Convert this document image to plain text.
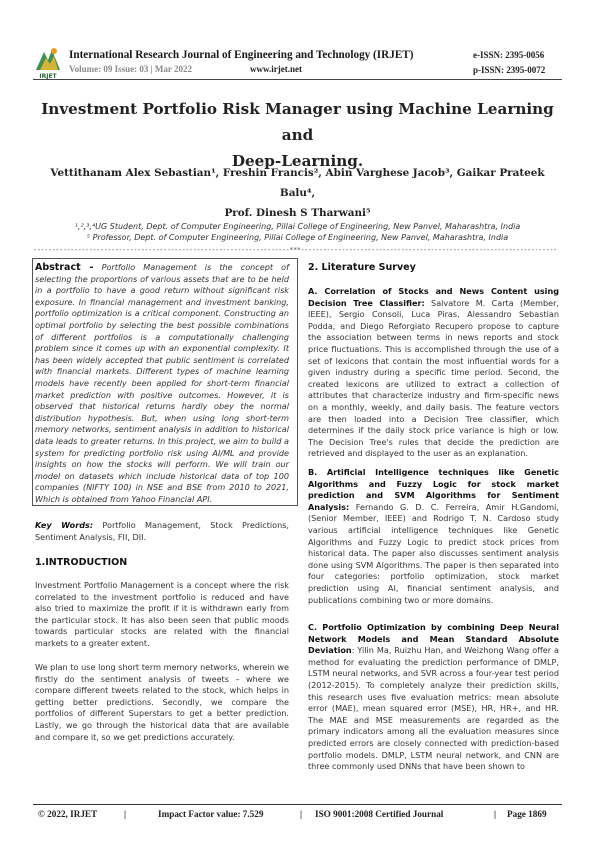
IRJET
International Research Journal of Engineering and Technology (IRJET)
Volume: 09 Issue: 03 | Mar 2022	www.irjet.net
e-ISSN: 2395-0056
p-ISSN: 2395-0072
Investment Portfolio Risk Manager using Machine Learning and
Deep-Learning.
Vettithanam Alex Sebastian¹, Freshin Francis², Abin Varghese Jacob³, Gaikar Prateek Balu⁴,
Prof. Dinesh S Tharwani⁵
¹,²,³,⁴UG Student, Dept. of Computer Engineering, Pillai College of Engineering, New Panvel, Maharashtra, India
⁵ Professor, Dept. of Computer Engineering, Pillai College of Engineering, New Panvel, Maharashtra, India
---------------------------------------------------------------------***---------------------------------------------------------------------

Abstract - Portfolio Management is the concept of selecting the proportions of various assets that are to be held in a portfolio to have a good return without significant risk exposure. In financial management and investment banking, portfolio optimization is a critical component. Constructing an optimal portfolio by selecting the best possible combinations of different portfolios is a computationally challenging problem since it comes up with an exponential complexity. It has been widely accepted that public sentiment is correlated with financial markets. Different types of machine learning models have recently been applied for short-term financial market prediction with positive outcomes. However, it is observed that historical returns hardly obey the normal distribution hypothesis. But, when using long short-term memory networks, sentiment analysis in addition to historical data leads to greater returns. In this project, we aim to build a system for predicting portfolio risk using AI/ML and provide insights on how the stocks will perform. We will train our model on datasets which include historical data of top 100 companies (NIFTY 100) in NSE and BSE from 2010 to 2021, Which is obtained from Yahoo Financial API.

Key Words: Portfolio Management, Stock Predictions, Sentiment Analysis, FII, DII.

1.INTRODUCTION
Investment Portfolio Management is a concept where the risk correlated to the investment portfolio is reduced and have also tried to maximize the profit if it is withdrawn early from the particular stock. It has also been seen that public moods towards particular stocks are related with the financial markets to a greater extent.
We plan to use long short term memory networks, wherein we firstly do the sentiment analysis of tweets – where we compare different tweets related to the stock, which helps in getting better predictions. Secondly, we compare the portfolios of different Superstars to get a better prediction. Lastly, we go through the historical data that are available and compare it, so we get predictions accurately.
2. Literature Survey

A. Correlation of Stocks and News Content using Decision Tree Classifier: Salvatore M. Carta (Member, IEEE), Sergio Consoli, Luca Piras, Alessandro Sebastian Podda, and Diego Reforgiato Recupero propose to capture the association between terms in news reports and stock price fluctuations. This is accomplished through the use of a set of lexicons that contain the most influential words for a given industry during a specific time period. Second, the created lexicons are utilized to extract a collection of attributes that characterize industry and firm-specific news on a monthly, weekly, and daily basis. The feature vectors are then loaded into a Decision Tree classifier, which determines if the daily stock price variance is high or low. The Decision Tree's rules that decide the prediction are retrieved and displayed to the user as an explanation.

B. Artificial Intelligence techniques like Genetic Algorithms and Fuzzy Logic for stock market prediction and SVM Algorithms for Sentiment Analysis: Fernando G. D. C. Ferreira, Amir H.Gandomi, (Senior Member, IEEE) and Rodrigo T. N. Cardoso study various artificial intelligence techniques like Genetic Algorithms and Fuzzy Logic to predict stock prices from historical data. The paper also discusses sentiment analysis done using SVM Algorithms. The paper is then separated into four categories: portfolio optimization, stock market prediction using AI, financial sentiment analysis, and publications combining two or more domains.

C. Portfolio Optimization by combining Deep Neural Network Models and Mean Standard Absolute Deviation: Yilin Ma, Ruizhu Han, and Weizhong Wang offer a method for evaluating the prediction performance of DMLP, LSTM neural networks, and SVR across a four-year test period (2012-2015). To completely analyze their prediction skills, this research uses five evaluation metrics: mean absolute error (MAE), mean squared error (MSE), HR, HR+, and HR. The MAE and MSE measurements are regarded as the primary indicators among all the evaluation measures since predicted errors are closely connected with prediction-based portfolio models. DMLP, LSTM neural network, and CNN are three commonly used DNNs that have been shown to

© 2022, IRJET	|	Impact Factor value: 7.529	| ISO 9001:2008 Certified Journal	| Page 1869
